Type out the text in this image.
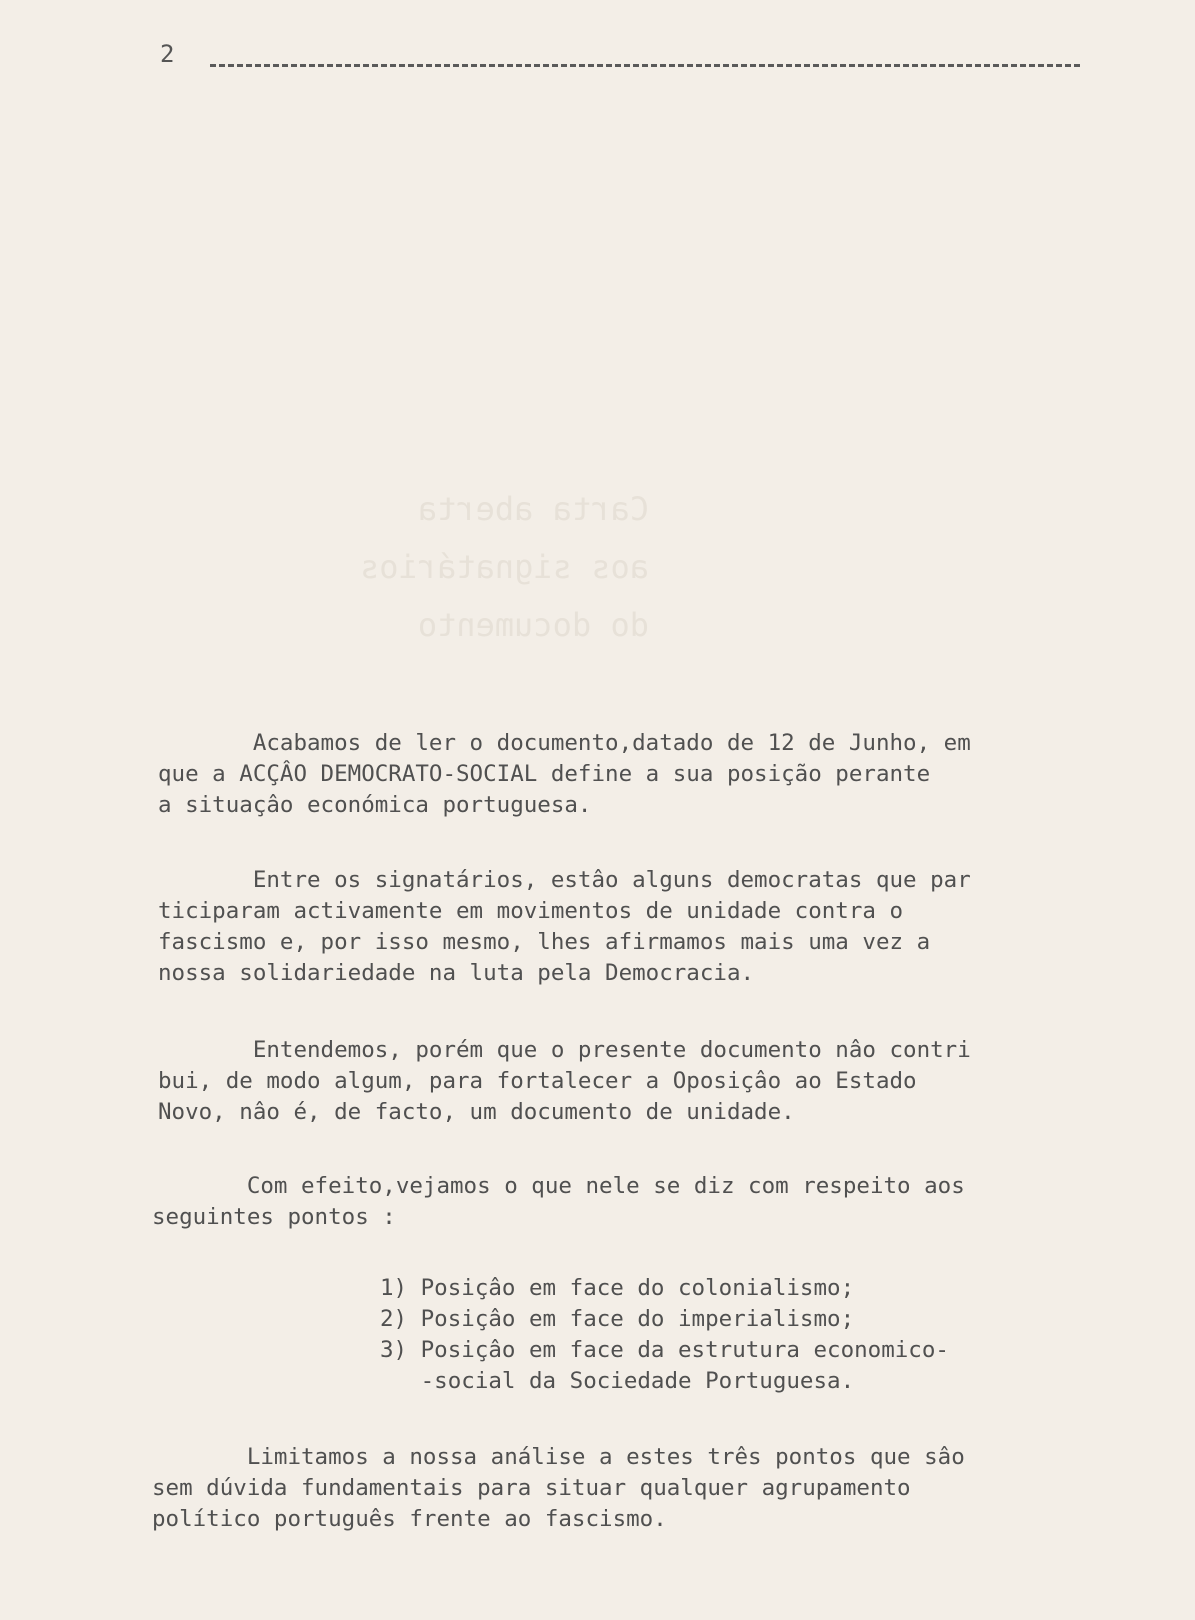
2
Carta aberta
aos signatários
do documento
Acabamos de ler o documento,datado de 12 de Junho, em
que a ACÇÂO DEMOCRATO-SOCIAL define a sua posição perante
a situaçâo económica portuguesa.
Entre os signatários, estâo alguns democratas que par
ticiparam activamente em movimentos de unidade contra o
fascismo e, por isso mesmo, lhes afirmamos mais uma vez a
nossa solidariedade na luta pela Democracia.
Entendemos, porém que o presente documento nâo contri
bui, de modo algum, para fortalecer a Oposiçâo ao Estado
Novo, nâo é, de facto, um documento de unidade.
Com efeito,vejamos o que nele se diz com respeito aos
seguintes pontos :
1) Posiçâo em face do colonialismo;
2) Posiçâo em face do imperialismo;
3) Posiçâo em face da estrutura economico-
-social da Sociedade Portuguesa.
Limitamos a nossa análise a estes três pontos que sâo
sem dúvida fundamentais para situar qualquer agrupamento
político português frente ao fascismo.
